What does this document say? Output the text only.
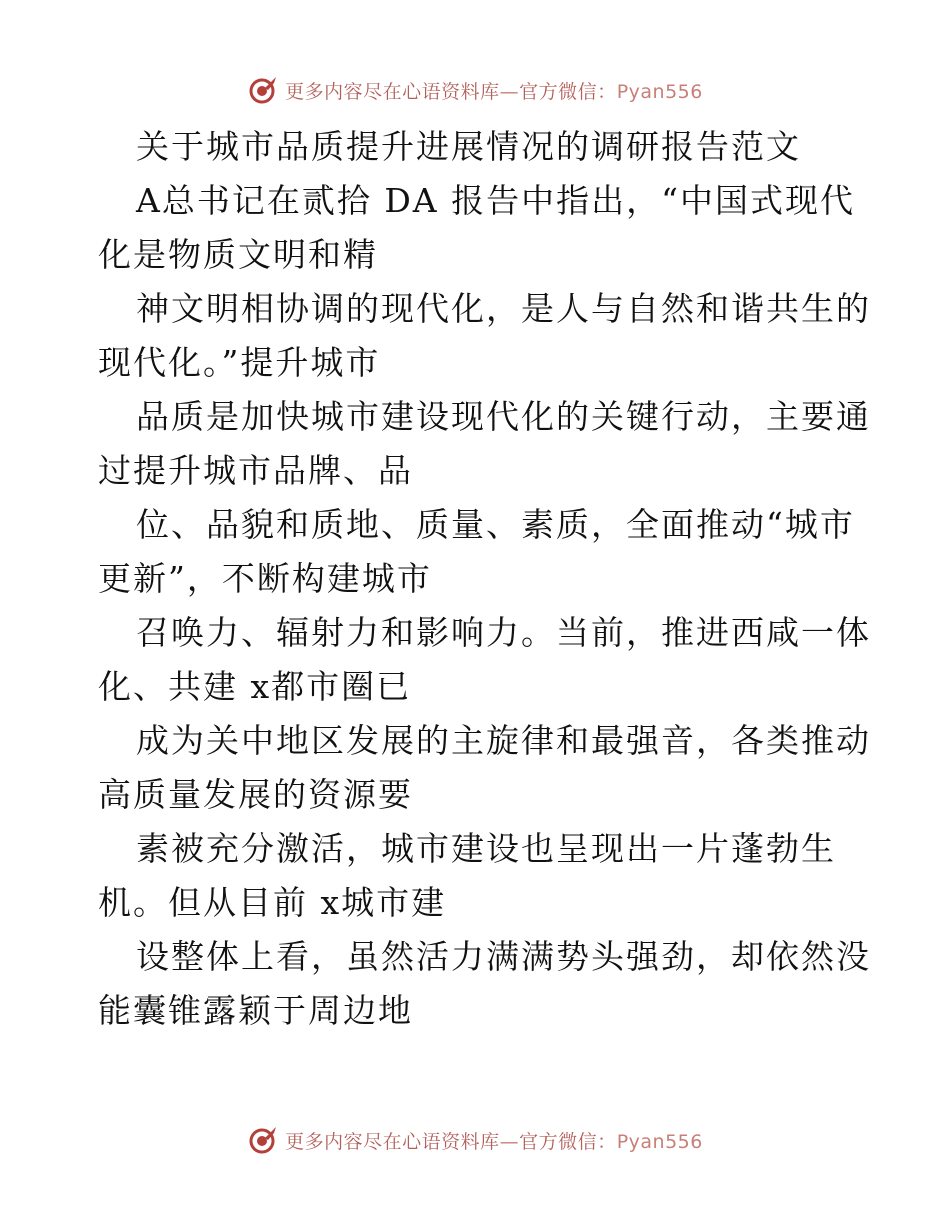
更多内容尽在心语资料库—官方微信：Pyan556
关于城市品质提升进展情况的调研报告范文
A总书记在贰拾 DA 报告中指出，“中国式现代
化是物质文明和精
神文明相协调的现代化，是人与自然和谐共生的
现代化。”提升城市
品质是加快城市建设现代化的关键行动，主要通
过提升城市品牌、品
位、品貌和质地、质量、素质，全面推动“城市
更新”，不断构建城市
召唤力、辐射力和影响力。当前，推进西咸一体
化、共建 x都市圈已
成为关中地区发展的主旋律和最强音，各类推动
高质量发展的资源要
素被充分激活，城市建设也呈现出一片蓬勃生
机。但从目前 x城市建
设整体上看，虽然活力满满势头强劲，却依然没
能囊锥露颖于周边地
更多内容尽在心语资料库—官方微信：Pyan556
